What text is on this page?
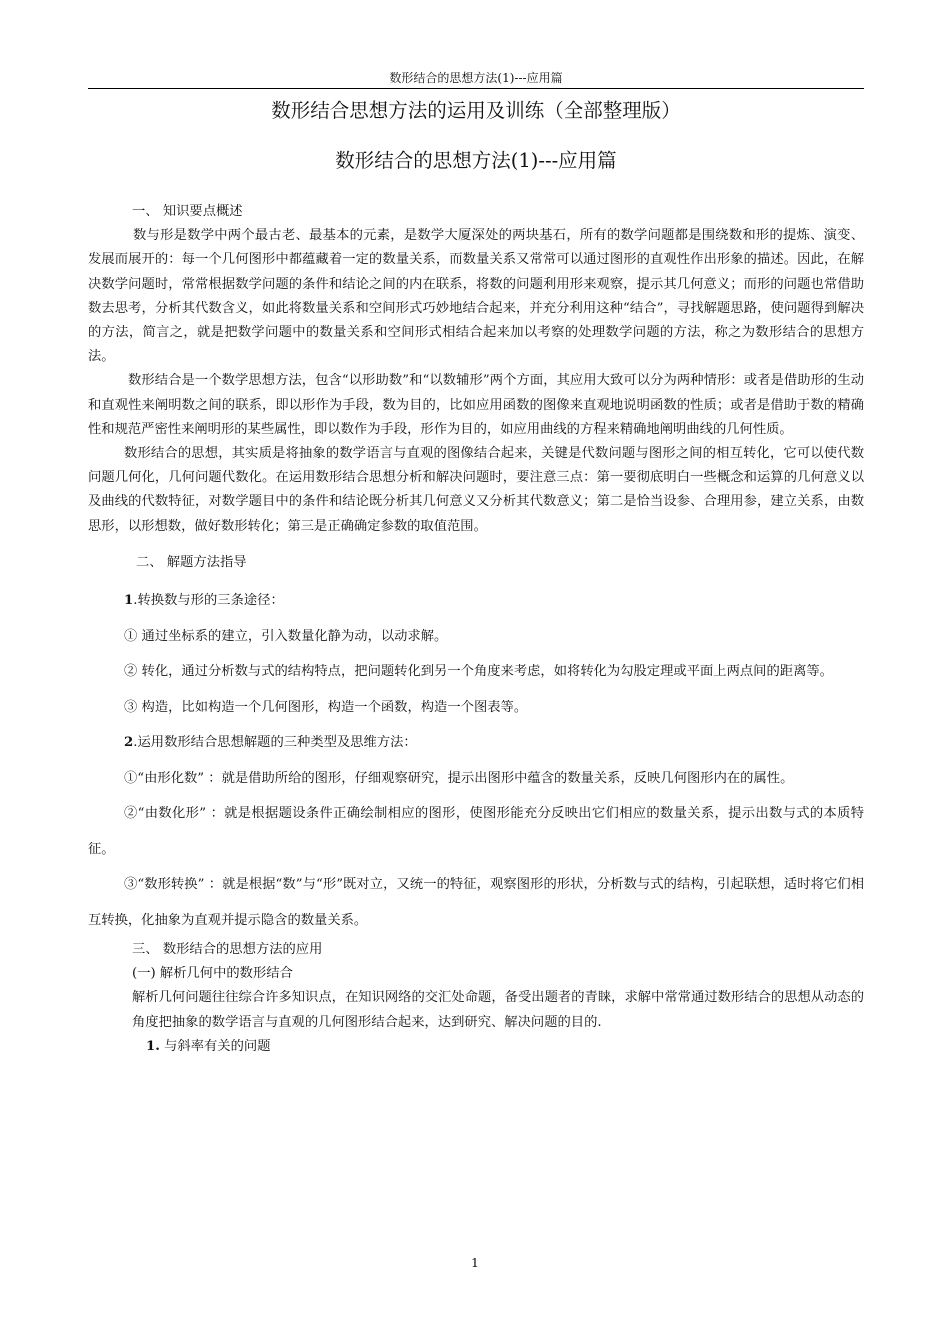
数形结合的思想方法(1)---应用篇
数形结合思想方法的运用及训练（全部整理版）
数形结合的思想方法(1)---应用篇

一、 知识要点概述

数与形是数学中两个最古老、最基本的元素，是数学大厦深处的两块基石，所有的数学问题都是围绕数和形的提炼、演变、发展而展开的：每一个几何图形中都蕴藏着一定的数量关系，而数量关系又常常可以通过图形的直观性作出形象的描述。因此，在解决数学问题时，常常根据数学问题的条件和结论之间的内在联系，将数的问题利用形来观察，提示其几何意义；而形的问题也常借助数去思考，分析其代数含义，如此将数量关系和空间形式巧妙地结合起来，并充分利用这种“结合”，寻找解题思路，使问题得到解决的方法，简言之，就是把数学问题中的数量关系和空间形式相结合起来加以考察的处理数学问题的方法，称之为数形结合的思想方法。

数形结合是一个数学思想方法，包含“以形助数”和“以数辅形”两个方面，其应用大致可以分为两种情形：或者是借助形的生动和直观性来阐明数之间的联系，即以形作为手段，数为目的，比如应用函数的图像来直观地说明函数的性质；或者是借助于数的精确性和规范严密性来阐明形的某些属性，即以数作为手段，形作为目的，如应用曲线的方程来精确地阐明曲线的几何性质。

数形结合的思想，其实质是将抽象的数学语言与直观的图像结合起来，关键是代数问题与图形之间的相互转化，它可以使代数问题几何化，几何问题代数化。在运用数形结合思想分析和解决问题时，要注意三点：第一要彻底明白一些概念和运算的几何意义以及曲线的代数特征，对数学题目中的条件和结论既分析其几何意义又分析其代数意义；第二是恰当设参、合理用参，建立关系，由数思形，以形想数，做好数形转化；第三是正确确定参数的取值范围。

二、 解题方法指导

1.转换数与形的三条途径：

① 通过坐标系的建立，引入数量化静为动，以动求解。

② 转化，通过分析数与式的结构特点，把问题转化到另一个角度来考虑，如将转化为勾股定理或平面上两点间的距离等。

③ 构造，比如构造一个几何图形，构造一个函数，构造一个图表等。

2.运用数形结合思想解题的三种类型及思维方法：

①“由形化数” ：就是借助所给的图形，仔细观察研究，提示出图形中蕴含的数量关系，反映几何图形内在的属性。

②“由数化形” ：就是根据题设条件正确绘制相应的图形，使图形能充分反映出它们相应的数量关系，提示出数与式的本质特征。

③“数形转换” ：就是根据“数”与“形”既对立，又统一的特征，观察图形的形状，分析数与式的结构，引起联想，适时将它们相互转换，化抽象为直观并提示隐含的数量关系。

三、 数形结合的思想方法的应用

(一) 解析几何中的数形结合

解析几何问题往往综合许多知识点，在知识网络的交汇处命题，备受出题者的青睐，求解中常常通过数形结合的思想从动态的角度把抽象的数学语言与直观的几何图形结合起来，达到研究、解决问题的目的.

1. 与斜率有关的问题

1
